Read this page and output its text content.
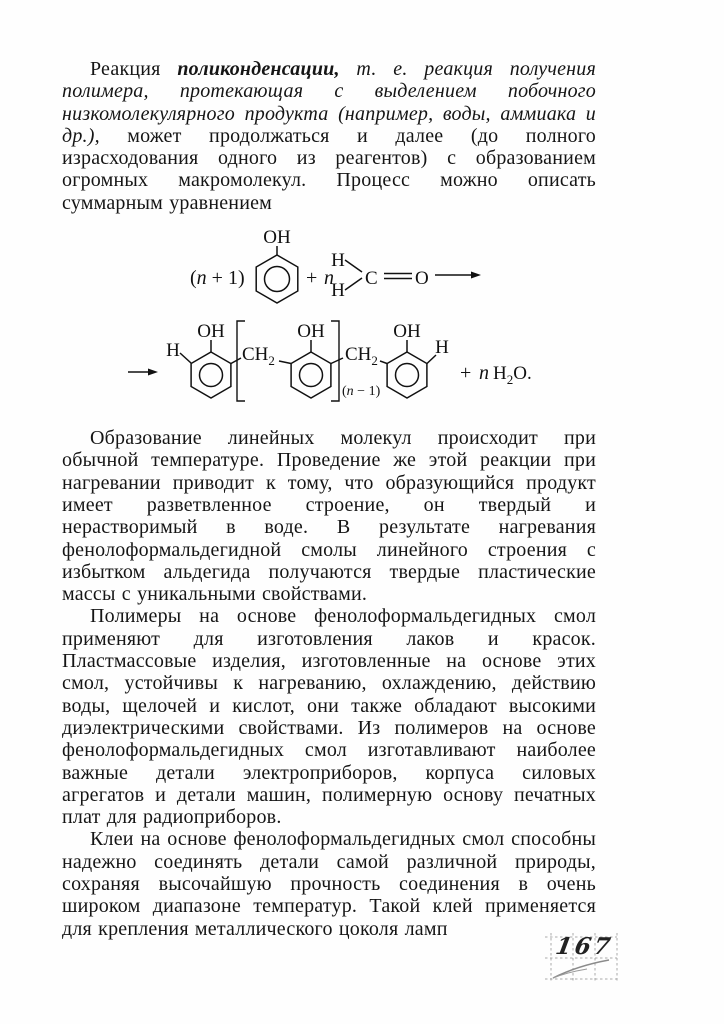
Реакция поликонденсации, т. е. реакция получения полимера, протекающая с выделением побочного низкомолекулярного продукта (например, воды, аммиака и др.), может продолжаться и далее (до полного израсходования одного из реагентов) с образованием огромных макромолекул. Процесс можно описать суммарным уравнением

(n + 1)
OH
+ n
H
H
C O
H
OH
$CH_2$
OH
(n − 1)
$CH_2$
OH
H
+ n $H_2O$.

Образование линейных молекул происходит при обычной температуре. Проведение же этой реакции при нагревании приводит к тому, что образующийся продукт имеет разветвленное строение, он твердый и нерастворимый в воде. В результате нагревания фенолоформальдегидной смолы линейного строения с избытком альдегида получаются твердые пластические массы с уникальными свойствами.

Полимеры на основе фенолоформальдегидных смол применяют для изготовления лаков и красок. Пластмассовые изделия, изготовленные на основе этих смол, устойчивы к нагреванию, охлаждению, действию воды, щелочей и кислот, они также обладают высокими диэлектрическими свойствами. Из полимеров на основе фенолоформальдегидных смол изготавливают наиболее важные детали электроприборов, корпуса силовых агрегатов и детали машин, полимерную основу печатных плат для радиоприборов.

Клеи на основе фенолоформальдегидных смол способны надежно соединять детали самой различной природы, сохраняя высочайшую прочность соединения в очень широком диапазоне температур. Такой клей применяется для крепления металлического цоколя ламп

167
